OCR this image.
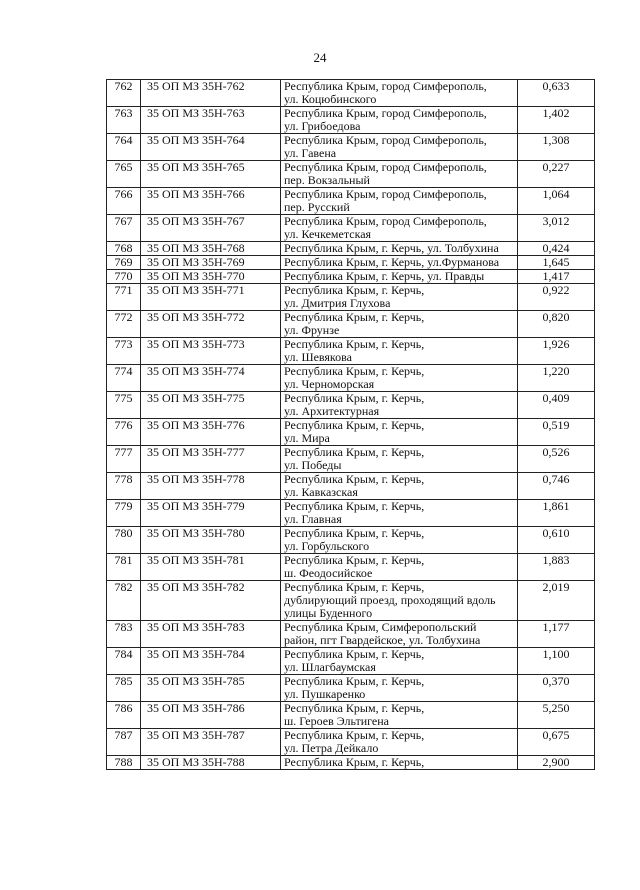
24
762	35 ОП МЗ 35Н-762	Республика Крым, город Симферополь,
ул. Коцюбинского	0,633
763	35 ОП МЗ 35Н-763	Республика Крым, город Симферополь,
ул. Грибоедова	1,402
764	35 ОП МЗ 35Н-764	Республика Крым, город Симферополь,
ул. Гавена	1,308
765	35 ОП МЗ 35Н-765	Республика Крым, город Симферополь,
пер. Вокзальный	0,227
766	35 ОП МЗ 35Н-766	Республика Крым, город Симферополь,
пер. Русский	1,064
767	35 ОП МЗ 35Н-767	Республика Крым, город Симферополь,
ул. Кечкеметская	3,012
768	35 ОП МЗ 35Н-768	Республика Крым, г. Керчь, ул. Толбухина	0,424
769	35 ОП МЗ 35Н-769	Республика Крым, г. Керчь, ул.Фурманова	1,645
770	35 ОП МЗ 35Н-770	Республика Крым, г. Керчь, ул. Правды	1,417
771	35 ОП МЗ 35Н-771	Республика Крым, г. Керчь,
ул. Дмитрия Глухова	0,922
772	35 ОП МЗ 35Н-772	Республика Крым, г. Керчь,
ул. Фрунзе	0,820
773	35 ОП МЗ 35Н-773	Республика Крым, г. Керчь,
ул. Шевякова	1,926
774	35 ОП МЗ 35Н-774	Республика Крым, г. Керчь,
ул. Черноморская	1,220
775	35 ОП МЗ 35Н-775	Республика Крым, г. Керчь,
ул. Архитектурная	0,409
776	35 ОП МЗ 35Н-776	Республика Крым, г. Керчь,
ул. Мира	0,519
777	35 ОП МЗ 35Н-777	Республика Крым, г. Керчь,
ул. Победы	0,526
778	35 ОП МЗ 35Н-778	Республика Крым, г. Керчь,
ул. Кавказская	0,746
779	35 ОП МЗ 35Н-779	Республика Крым, г. Керчь,
ул. Главная	1,861
780	35 ОП МЗ 35Н-780	Республика Крым, г. Керчь,
ул. Горбульского	0,610
781	35 ОП МЗ 35Н-781	Республика Крым, г. Керчь,
ш. Феодосийское	1,883
782	35 ОП МЗ 35Н-782	Республика Крым, г. Керчь,
дублирующий проезд, проходящий вдоль
улицы Буденного	2,019
783	35 ОП МЗ 35Н-783	Республика Крым, Симферопольский
район, пгт Гвардейское, ул. Толбухина	1,177
784	35 ОП МЗ 35Н-784	Республика Крым, г. Керчь,
ул. Шлагбаумская	1,100
785	35 ОП МЗ 35Н-785	Республика Крым, г. Керчь,
ул. Пушкаренко	0,370
786	35 ОП МЗ 35Н-786	Республика Крым, г. Керчь,
ш. Героев Эльтигена	5,250
787	35 ОП МЗ 35Н-787	Республика Крым, г. Керчь,
ул. Петра Дейкало	0,675
788	35 ОП МЗ 35Н-788	Республика Крым, г. Керчь,	2,900
